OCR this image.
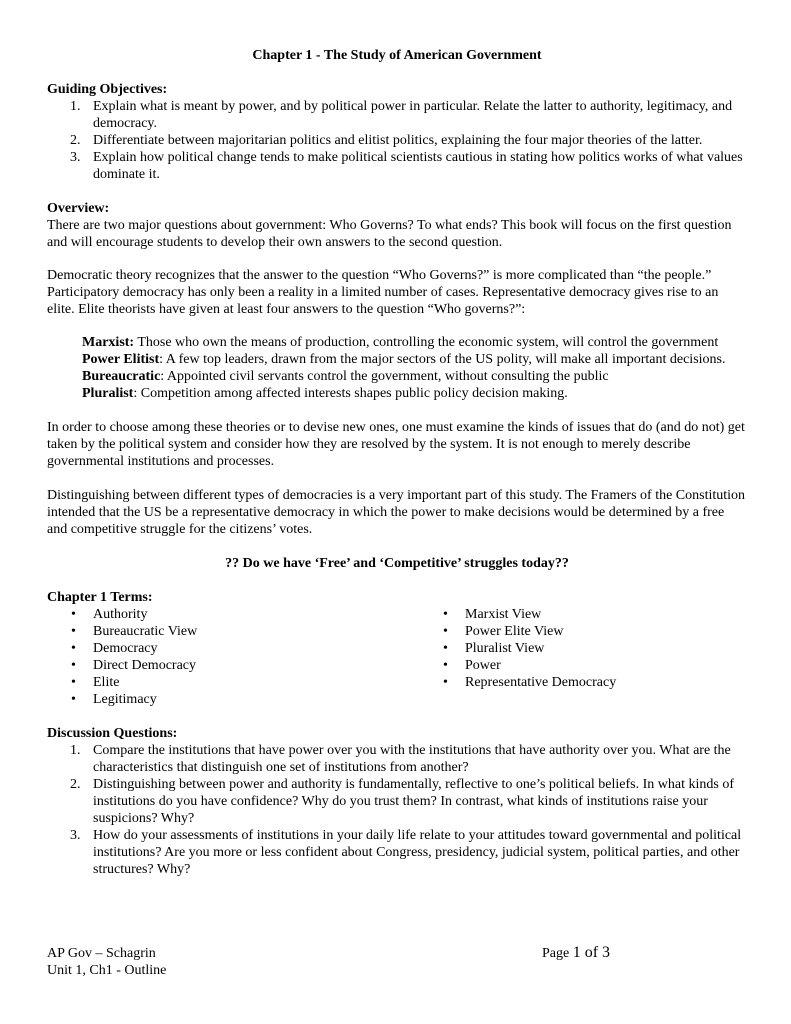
Chapter 1 - The Study of American Government
Guiding Objectives:
1. Explain what is meant by power, and by political power in particular. Relate the latter to authority, legitimacy, and democracy.
2. Differentiate between majoritarian politics and elitist politics, explaining the four major theories of the latter.
3. Explain how political change tends to make political scientists cautious in stating how politics works of what values dominate it.
Overview:

There are two major questions about government: Who Governs? To what ends? This book will focus on the first question and will encourage students to develop their own answers to the second question.

Democratic theory recognizes that the answer to the question “Who Governs?” is more complicated than “the people.” Participatory democracy has only been a reality in a limited number of cases. Representative democracy gives rise to an elite. Elite theorists have given at least four answers to the question “Who governs?”:

Marxist: Those who own the means of production, controlling the economic system, will control the government
Power Elitist: A few top leaders, drawn from the major sectors of the US polity, will make all important decisions.
Bureaucratic: Appointed civil servants control the government, without consulting the public
Pluralist: Competition among affected interests shapes public policy decision making.

In order to choose among these theories or to devise new ones, one must examine the kinds of issues that do (and do not) get taken by the political system and consider how they are resolved by the system. It is not enough to merely describe governmental institutions and processes.

Distinguishing between different types of democracies is a very important part of this study. The Framers of the Constitution intended that the US be a representative democracy in which the power to make decisions would be determined by a free and competitive struggle for the citizens’ votes.

?? Do we have ‘Free’ and ‘Competitive’ struggles today??
Chapter 1 Terms:
• Authority
• Bureaucratic View
• Democracy
• Direct Democracy
• Elite
• Legitimacy
• Marxist View
• Power Elite View
• Pluralist View
• Power
• Representative Democracy
Discussion Questions:
1. Compare the institutions that have power over you with the institutions that have authority over you. What are the characteristics that distinguish one set of institutions from another?
2. Distinguishing between power and authority is fundamentally, reflective to one’s political beliefs. In what kinds of institutions do you have confidence? Why do you trust them? In contrast, what kinds of institutions raise your suspicions? Why?
3. How do your assessments of institutions in your daily life relate to your attitudes toward governmental and political institutions? Are you more or less confident about Congress, presidency, judicial system, political parties, and other structures? Why?
AP Gov – Schagrin
Unit 1, Ch1 - Outline
Page 1 of 3
